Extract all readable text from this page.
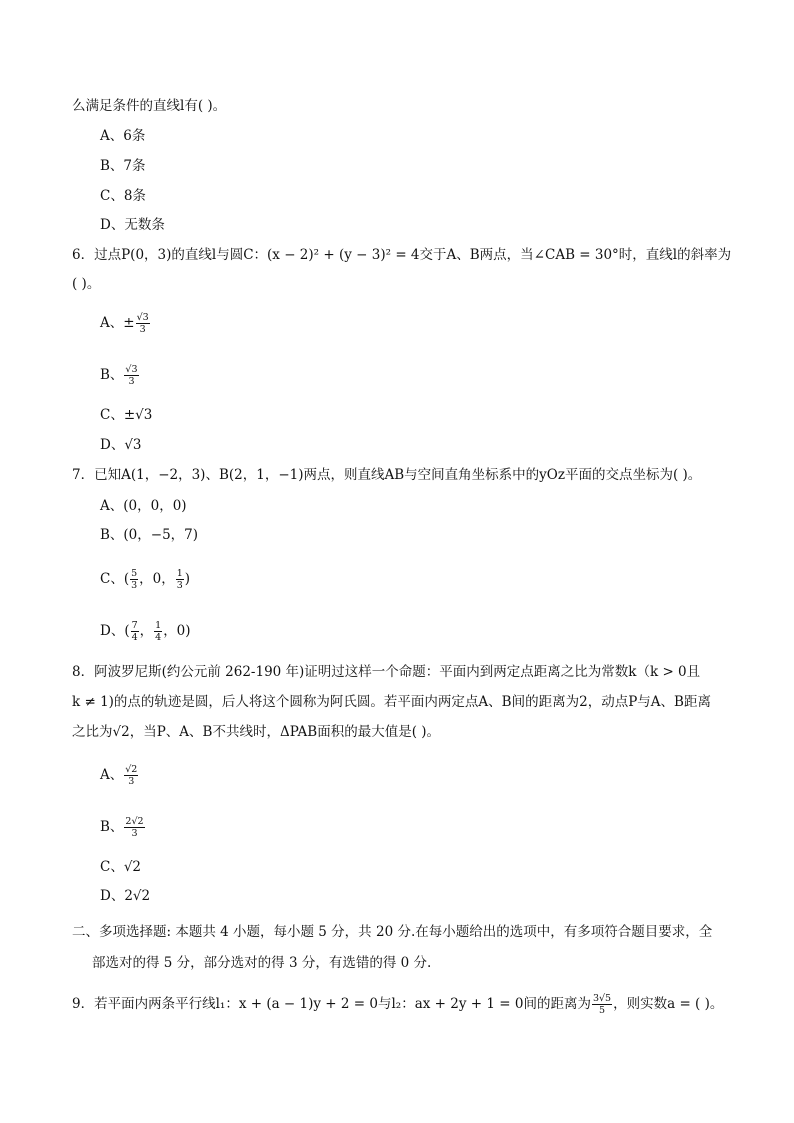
么满足条件的直线l有( )。
A、6条
B、7条
C、8条
D、无数条
6．过点P(0，3)的直线l与圆C：(x − 2)² + (y − 3)² = 4交于A、B两点，当∠CAB = 30°时，直线l的斜率为
( )。
A、± $\frac{√3}{3}$
B、 $\frac{√3}{3}$
C、±√3
D、√3
7．已知A(1，−2，3)、B(2，1，−1)两点，则直线AB与空间直角坐标系中的yOz平面的交点坐标为( )。
A、(0，0，0)
B、(0，−5，7)
C、( $\frac{5}{3}$ ，0， $\frac{1}{3}$ )
D、( $\frac{7}{4}$ ， $\frac{1}{4}$ ，0)
8．阿波罗尼斯(约公元前 262-190 年)证明过这样一个命题：平面内到两定点距离之比为常数k（k > 0且
k ≠ 1)的点的轨迹是圆，后人将这个圆称为阿氏圆。若平面内两定点A、B间的距离为2，动点P与A、B距离
之比为√2，当P、A、B不共线时，ΔPAB面积的最大值是( )。
A、 $\frac{√2}{3}$
B、 $\frac{2√2}{3}$
C、√2
D、2√2
二、多项选择题: 本题共 4 小题，每小题 5 分，共 20 分.在每小题给出的选项中，有多项符合题目要求，全
部选对的得 5 分，部分选对的得 3 分，有选错的得 0 分.
9．若平面内两条平行线l₁：x + (a − 1)y + 2 = 0与l₂：ax + 2y + 1 = 0间的距离为 $\frac{3√5}{5}$ ，则实数a = ( )。
